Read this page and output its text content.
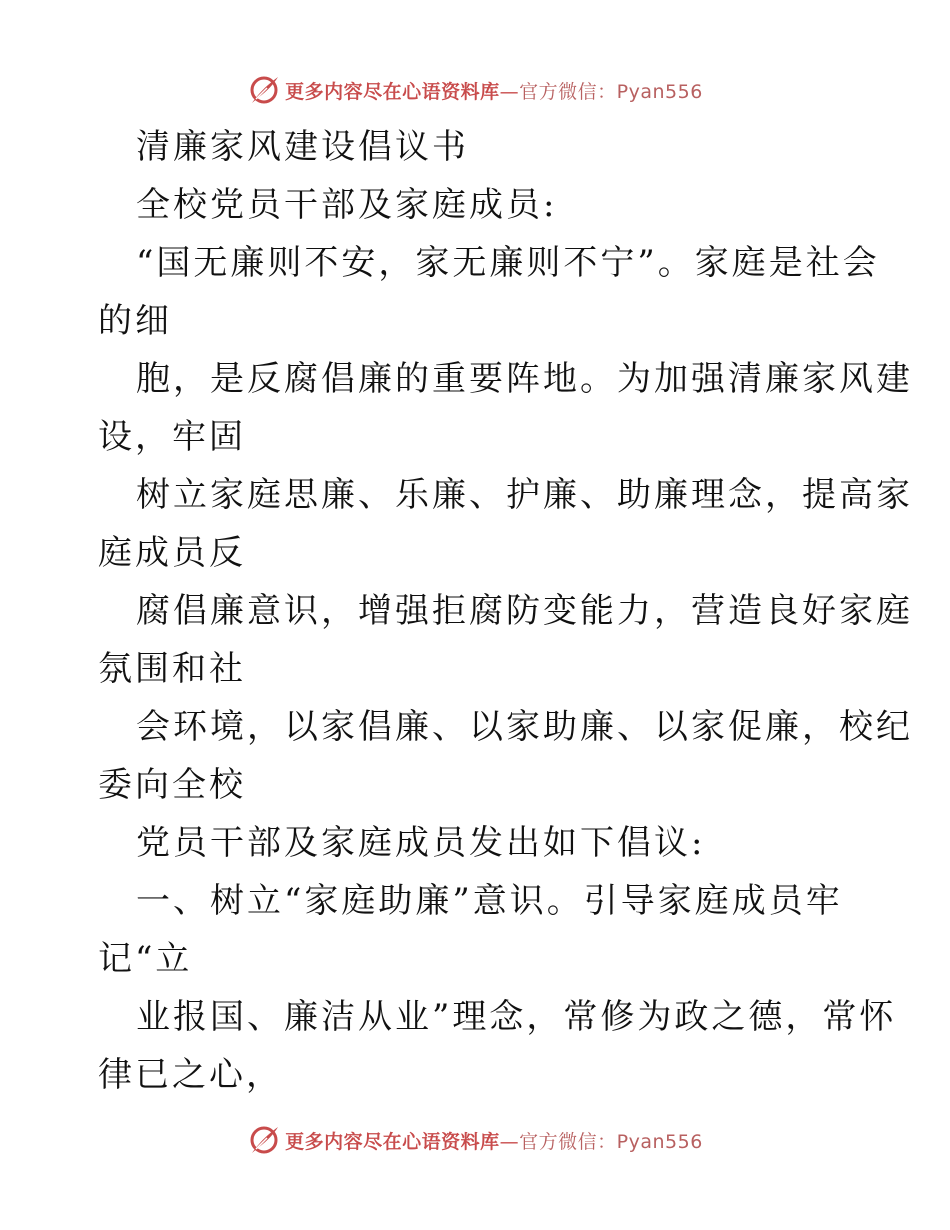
更多内容尽在心语资料库—官方微信：Pyan556
清廉家风建设倡议书
全校党员干部及家庭成员:
“国无廉则不安，家无廉则不宁”。家庭是社会
的细
胞，是反腐倡廉的重要阵地。为加强清廉家风建
设，牢固
树立家庭思廉、乐廉、护廉、助廉理念，提高家
庭成员反
腐倡廉意识，增强拒腐防变能力，营造良好家庭
氛围和社
会环境，以家倡廉、以家助廉、以家促廉，校纪
委向全校
党员干部及家庭成员发出如下倡议:
一、树立“家庭助廉”意识。引导家庭成员牢
记“立
业报国、廉洁从业”理念，常修为政之德，常怀
律已之心，
更多内容尽在心语资料库—官方微信：Pyan556
